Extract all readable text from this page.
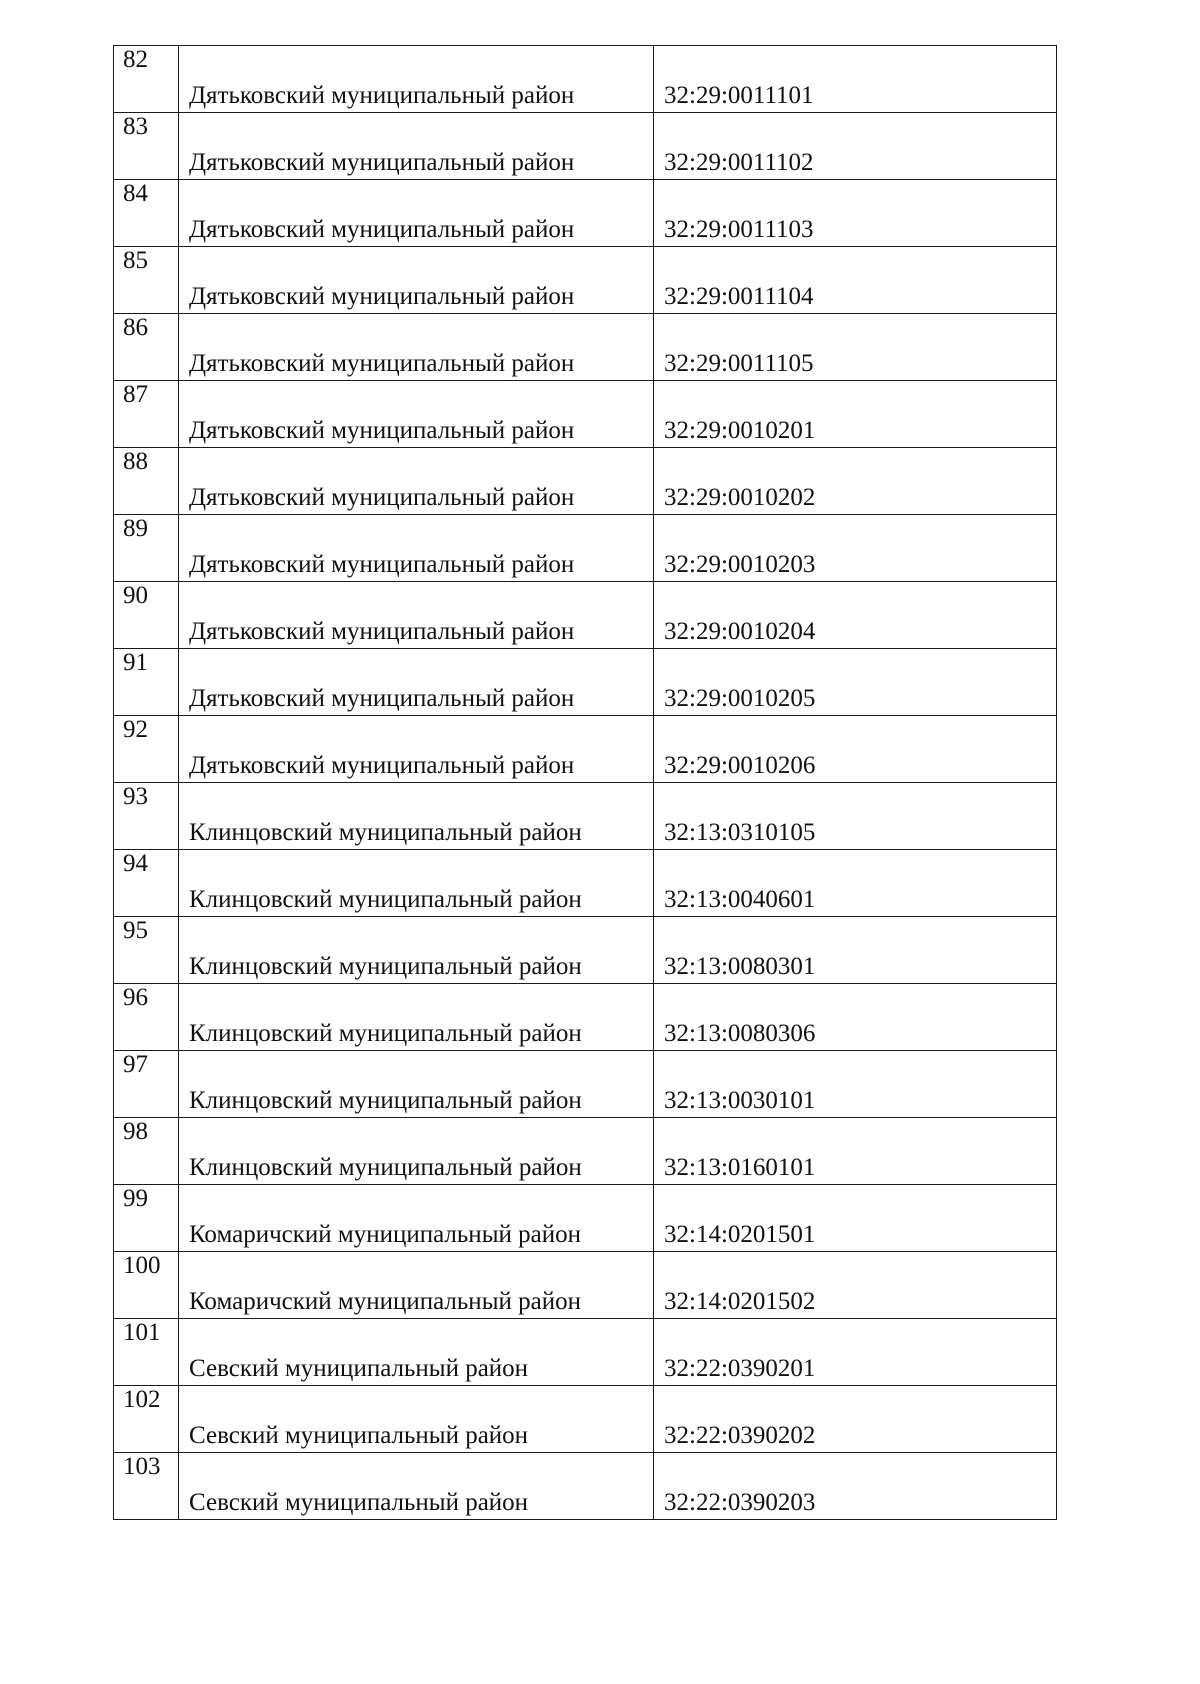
82	Дятьковский муниципальный район	32:29:0011101
83	Дятьковский муниципальный район	32:29:0011102
84	Дятьковский муниципальный район	32:29:0011103
85	Дятьковский муниципальный район	32:29:0011104
86	Дятьковский муниципальный район	32:29:0011105
87	Дятьковский муниципальный район	32:29:0010201
88	Дятьковский муниципальный район	32:29:0010202
89	Дятьковский муниципальный район	32:29:0010203
90	Дятьковский муниципальный район	32:29:0010204
91	Дятьковский муниципальный район	32:29:0010205
92	Дятьковский муниципальный район	32:29:0010206
93	Клинцовский муниципальный район	32:13:0310105
94	Клинцовский муниципальный район	32:13:0040601
95	Клинцовский муниципальный район	32:13:0080301
96	Клинцовский муниципальный район	32:13:0080306
97	Клинцовский муниципальный район	32:13:0030101
98	Клинцовский муниципальный район	32:13:0160101
99	Комаричский муниципальный район	32:14:0201501
100	Комаричский муниципальный район	32:14:0201502
101	Севский муниципальный район	32:22:0390201
102	Севский муниципальный район	32:22:0390202
103	Севский муниципальный район	32:22:0390203
